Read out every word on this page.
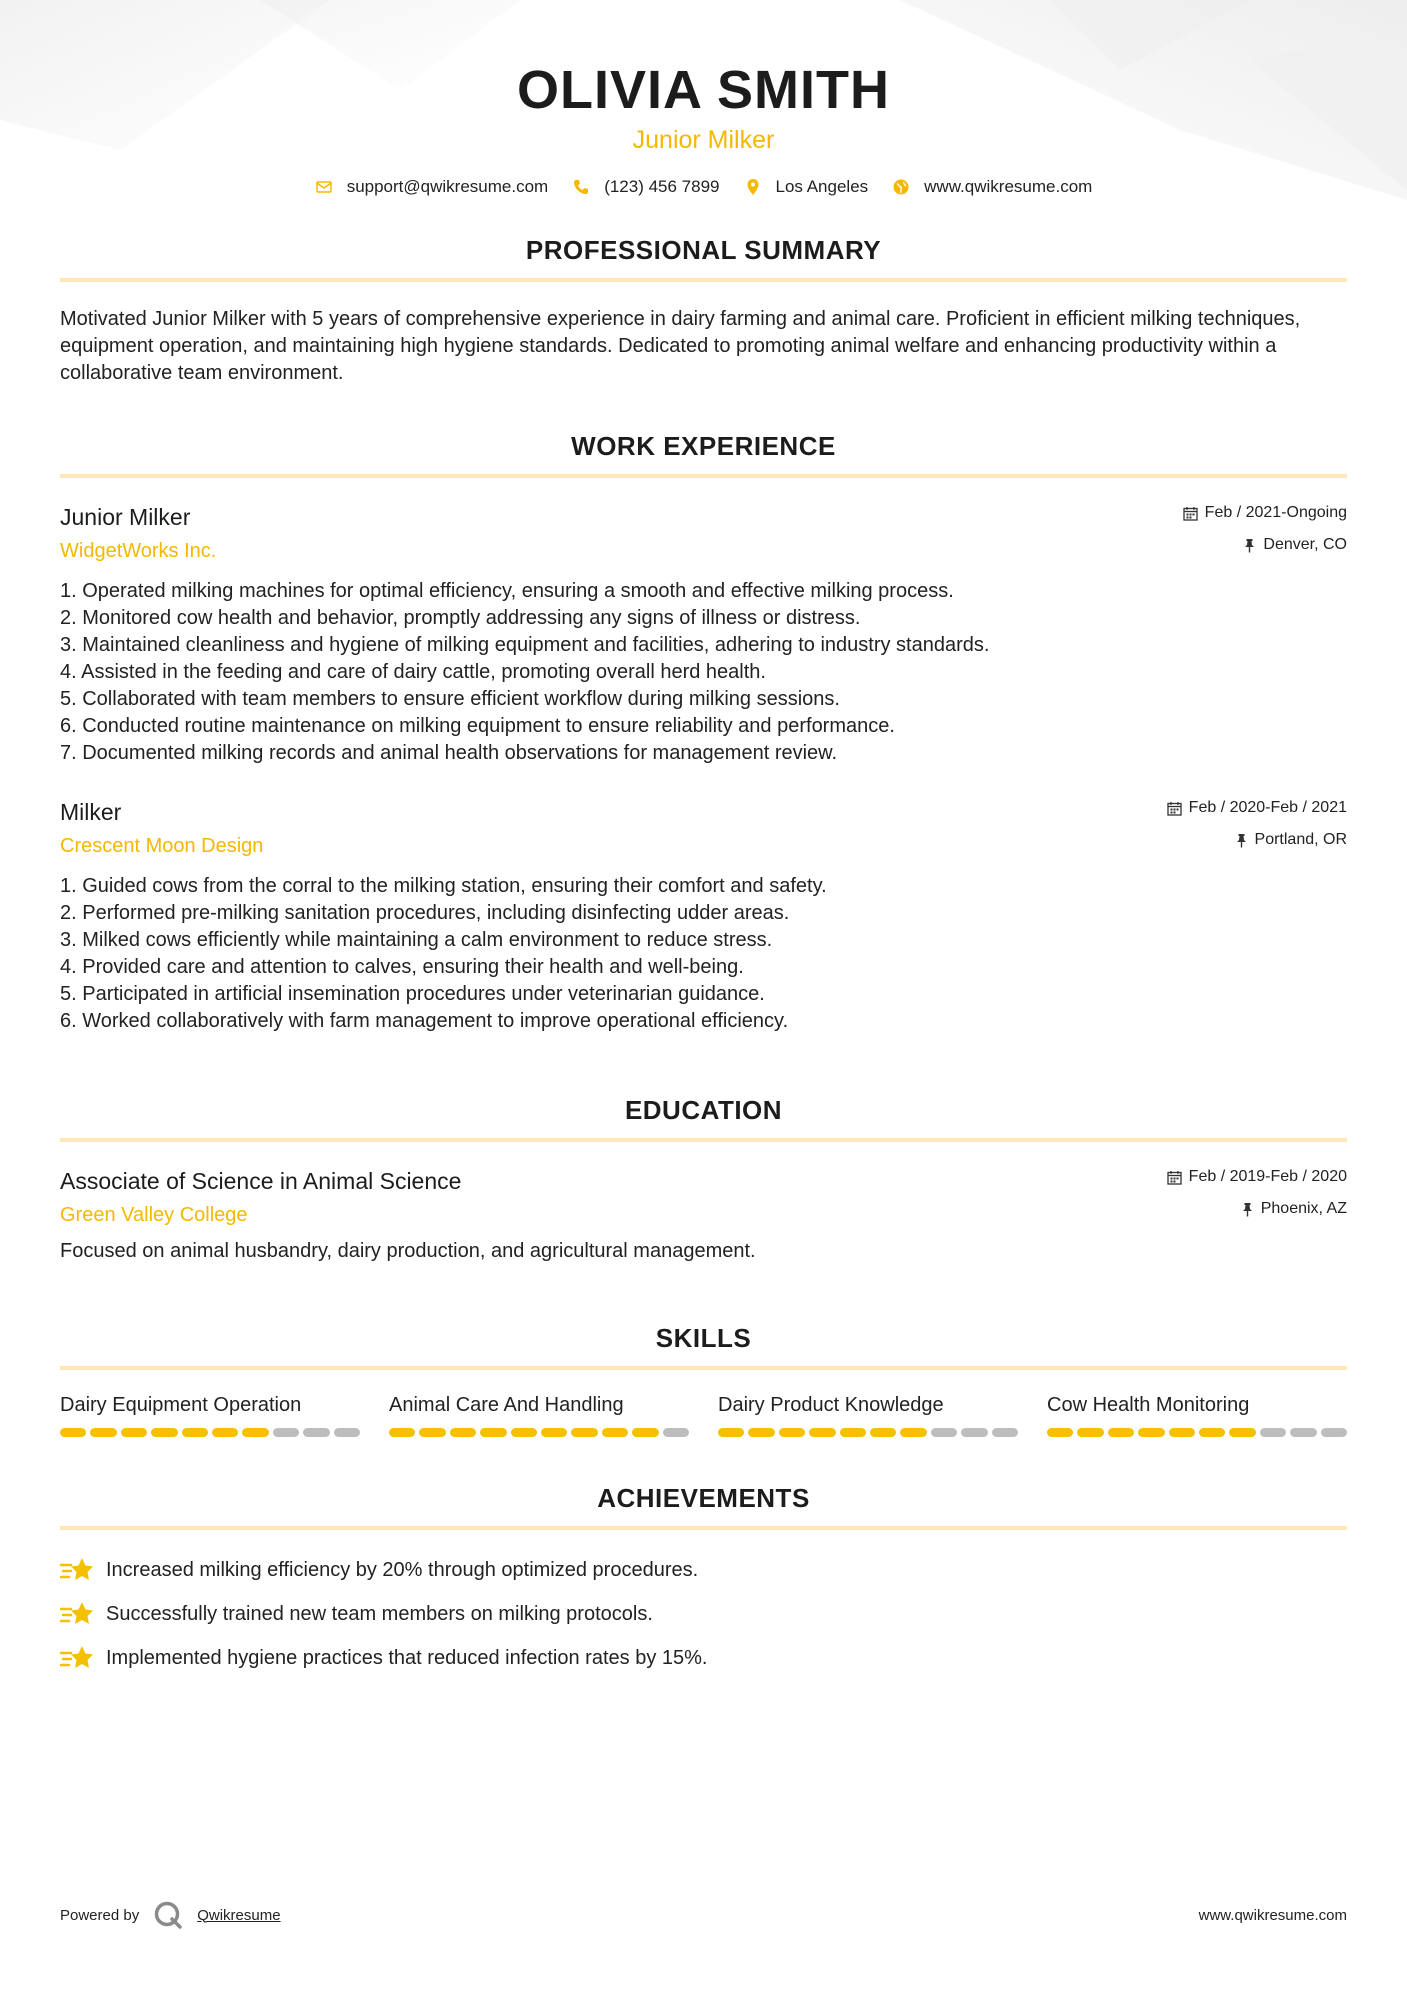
OLIVIA SMITH
Junior Milker
support@qwikresume.com	(123) 456 7899	Los Angeles	www.qwikresume.com
PROFESSIONAL SUMMARY

Motivated Junior Milker with 5 years of comprehensive experience in dairy farming and animal care. Proficient in efficient milking techniques, equipment operation, and maintaining high hygiene standards. Dedicated to promoting animal welfare and enhancing productivity within a collaborative team environment.

WORK EXPERIENCE
Junior Milker
WidgetWorks Inc.
Feb / 2021-Ongoing
Denver, CO
1. Operated milking machines for optimal efficiency, ensuring a smooth and effective milking process.
2. Monitored cow health and behavior, promptly addressing any signs of illness or distress.
3. Maintained cleanliness and hygiene of milking equipment and facilities, adhering to industry standards.
4. Assisted in the feeding and care of dairy cattle, promoting overall herd health.
5. Collaborated with team members to ensure efficient workflow during milking sessions.
6. Conducted routine maintenance on milking equipment to ensure reliability and performance.
7. Documented milking records and animal health observations for management review.
Milker
Crescent Moon Design
Feb / 2020-Feb / 2021
Portland, OR
1. Guided cows from the corral to the milking station, ensuring their comfort and safety.
2. Performed pre-milking sanitation procedures, including disinfecting udder areas.
3. Milked cows efficiently while maintaining a calm environment to reduce stress.
4. Provided care and attention to calves, ensuring their health and well-being.
5. Participated in artificial insemination procedures under veterinarian guidance.
6. Worked collaboratively with farm management to improve operational efficiency.
EDUCATION
Associate of Science in Animal Science
Green Valley College
Feb / 2019-Feb / 2020
Phoenix, AZ

Focused on animal husbandry, dairy production, and agricultural management.

SKILLS
Dairy Equipment Operation	Animal Care And Handling	Dairy Product Knowledge	Cow Health Monitoring
ACHIEVEMENTS
Increased milking efficiency by 20% through optimized procedures.
Successfully trained new team members on milking protocols.
Implemented hygiene practices that reduced infection rates by 15%.
Powered by	Qwikresume	www.qwikresume.com
